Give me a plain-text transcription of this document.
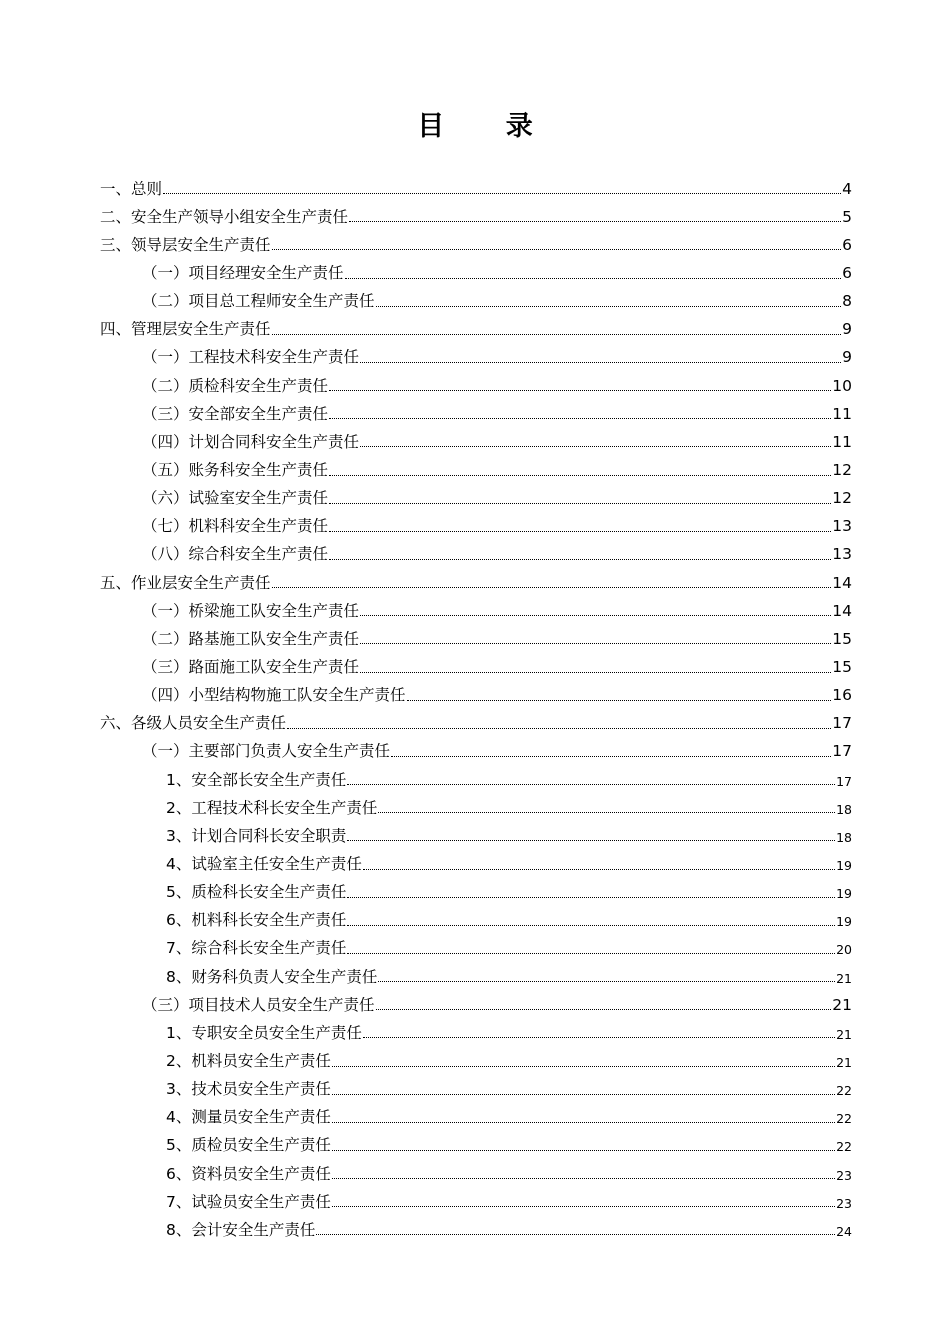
目 录
一、总则	4
二、安全生产领导小组安全生产责任	5
三、领导层安全生产责任	6
（一）项目经理安全生产责任	6
（二）项目总工程师安全生产责任	8
四、管理层安全生产责任	9
（一）工程技术科安全生产责任	9
（二）质检科安全生产责任	10
（三）安全部安全生产责任	11
（四）计划合同科安全生产责任	11
（五）账务科安全生产责任	12
（六）试验室安全生产责任	12
（七）机料科安全生产责任	13
（八）综合科安全生产责任	13
五、作业层安全生产责任	14
（一）桥梁施工队安全生产责任	14
（二）路基施工队安全生产责任	15
（三）路面施工队安全生产责任	15
（四）小型结构物施工队安全生产责任	16
六、各级人员安全生产责任	17
（一）主要部门负责人安全生产责任	17
1、安全部长安全生产责任	17
2、工程技术科长安全生产责任	18
3、计划合同科长安全职责	18
4、试验室主任安全生产责任	19
5、质检科长安全生产责任	19
6、机料科长安全生产责任	19
7、综合科长安全生产责任	20
8、财务科负责人安全生产责任	21
（三）项目技术人员安全生产责任	21
1、专职安全员安全生产责任	21
2、机料员安全生产责任	21
3、技术员安全生产责任	22
4、测量员安全生产责任	22
5、质检员安全生产责任	22
6、资料员安全生产责任	23
7、试验员安全生产责任	23
8、会计安全生产责任	24
